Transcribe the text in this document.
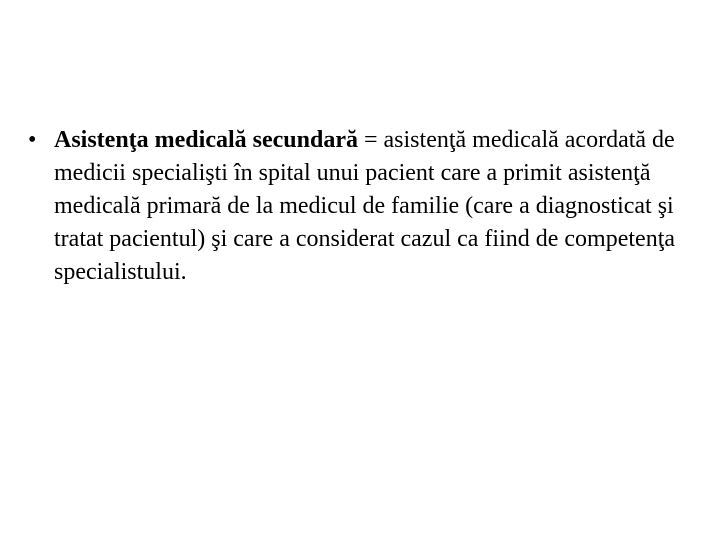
• Asistenţa medicală secundară = asistenţă medicală acordată de medicii specialişti în spital unui pacient care a primit asistenţă medicală primară de la medicul de familie (care a diagnosticat şi tratat pacientul) şi care a considerat cazul ca fiind de competenţa specialistului.
